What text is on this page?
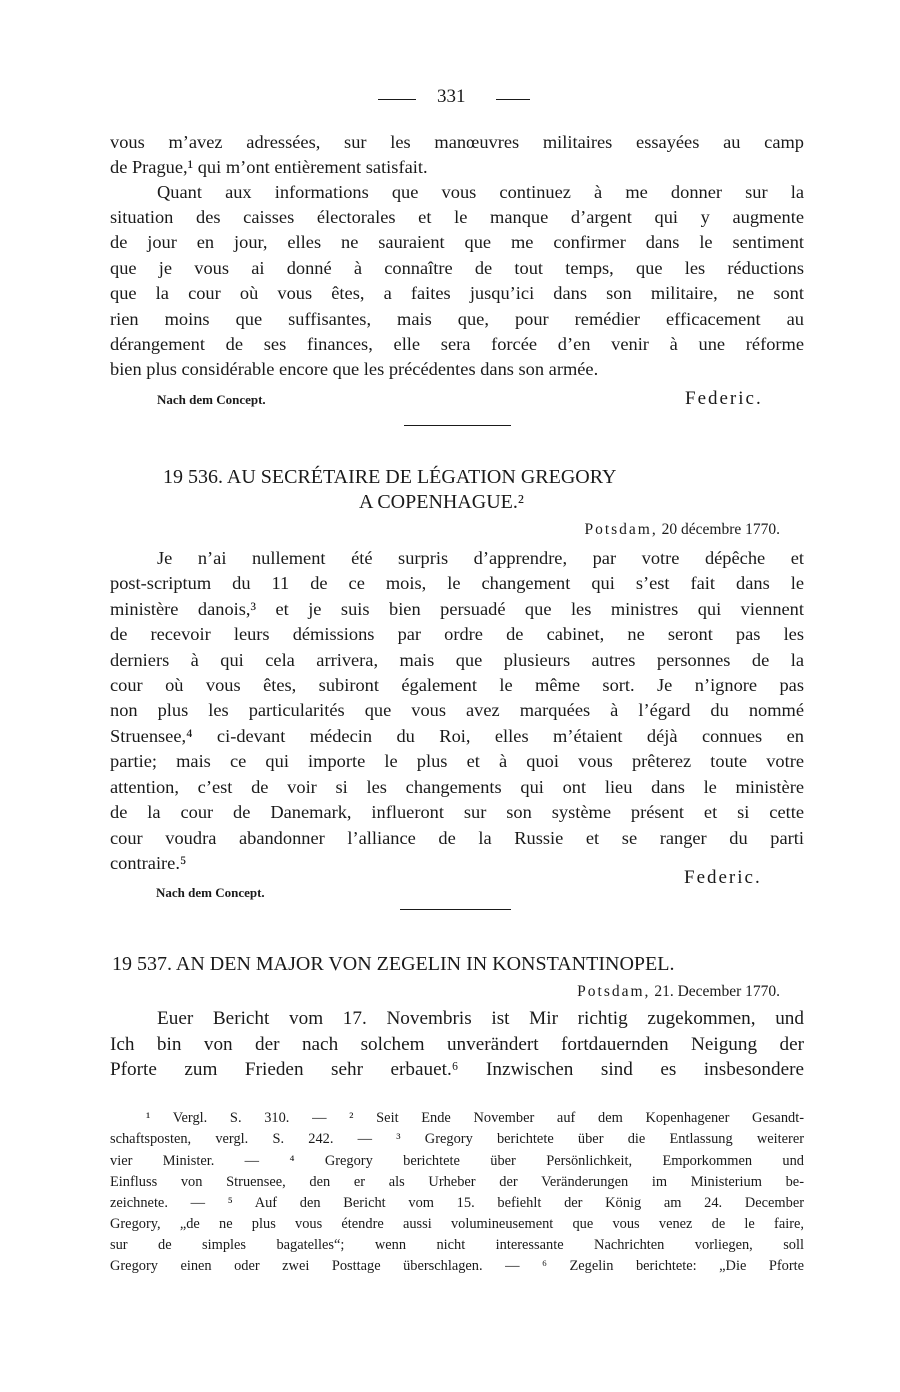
331
vous m’avez adressées, sur les manœuvres militaires essayées au camp
de Prague,¹ qui m’ont entièrement satisfait.
Quant aux informations que vous continuez à me donner sur la
situation des caisses électorales et le manque d’argent qui y augmente
de jour en jour, elles ne sauraient que me confirmer dans le sentiment
que je vous ai donné à connaître de tout temps, que les réductions
que la cour où vous êtes, a faites jusqu’ici dans son militaire, ne sont
rien moins que suffisantes, mais que, pour remédier efficacement au
dérangement de ses finances, elle sera forcée d’en venir à une réforme
bien plus considérable encore que les précédentes dans son armée.
Nach dem Concept.	Federic.
19 536. AU SECRÉTAIRE DE LÉGATION GREGORY
A COPENHAGUE.²
Potsdam, 20 décembre 1770.
Je n’ai nullement été surpris d’apprendre, par votre dépêche et
post-scriptum du 11 de ce mois, le changement qui s’est fait dans le
ministère danois,³ et je suis bien persuadé que les ministres qui viennent
de recevoir leurs démissions par ordre de cabinet, ne seront pas les
derniers à qui cela arrivera, mais que plusieurs autres personnes de la
cour où vous êtes, subiront également le même sort. Je n’ignore pas
non plus les particularités que vous avez marquées à l’égard du nommé
Struensee,⁴ ci-devant médecin du Roi, elles m’étaient déjà connues en
partie; mais ce qui importe le plus et à quoi vous prêterez toute votre
attention, c’est de voir si les changements qui ont lieu dans le ministère
de la cour de Danemark, influeront sur son système présent et si cette
cour voudra abandonner l’alliance de la Russie et se ranger du parti
contraire.⁵
Federic.
Nach dem Concept.
19 537. AN DEN MAJOR VON ZEGELIN IN KONSTANTINOPEL.
Potsdam, 21. December 1770.
Euer Bericht vom 17. Novembris ist Mir richtig zugekommen, und
Ich bin von der nach solchem unverändert fortdauernden Neigung der
Pforte zum Frieden sehr erbauet.⁶ Inzwischen sind es insbesondere
¹ Vergl. S. 310. — ² Seit Ende November auf dem Kopenhagener Gesandt-
schaftsposten, vergl. S. 242. — ³ Gregory berichtete über die Entlassung weiterer
vier Minister. — ⁴ Gregory berichtete über Persönlichkeit, Emporkommen und
Einfluss von Struensee, den er als Urheber der Veränderungen im Ministerium be-
zeichnete. — ⁵ Auf den Bericht vom 15. befiehlt der König am 24. December
Gregory, „de ne plus vous étendre aussi volumineusement que vous venez de le faire,
sur de simples bagatelles“; wenn nicht interessante Nachrichten vorliegen, soll
Gregory einen oder zwei Posttage überschlagen. — ⁶ Zegelin berichtete: „Die Pforte
